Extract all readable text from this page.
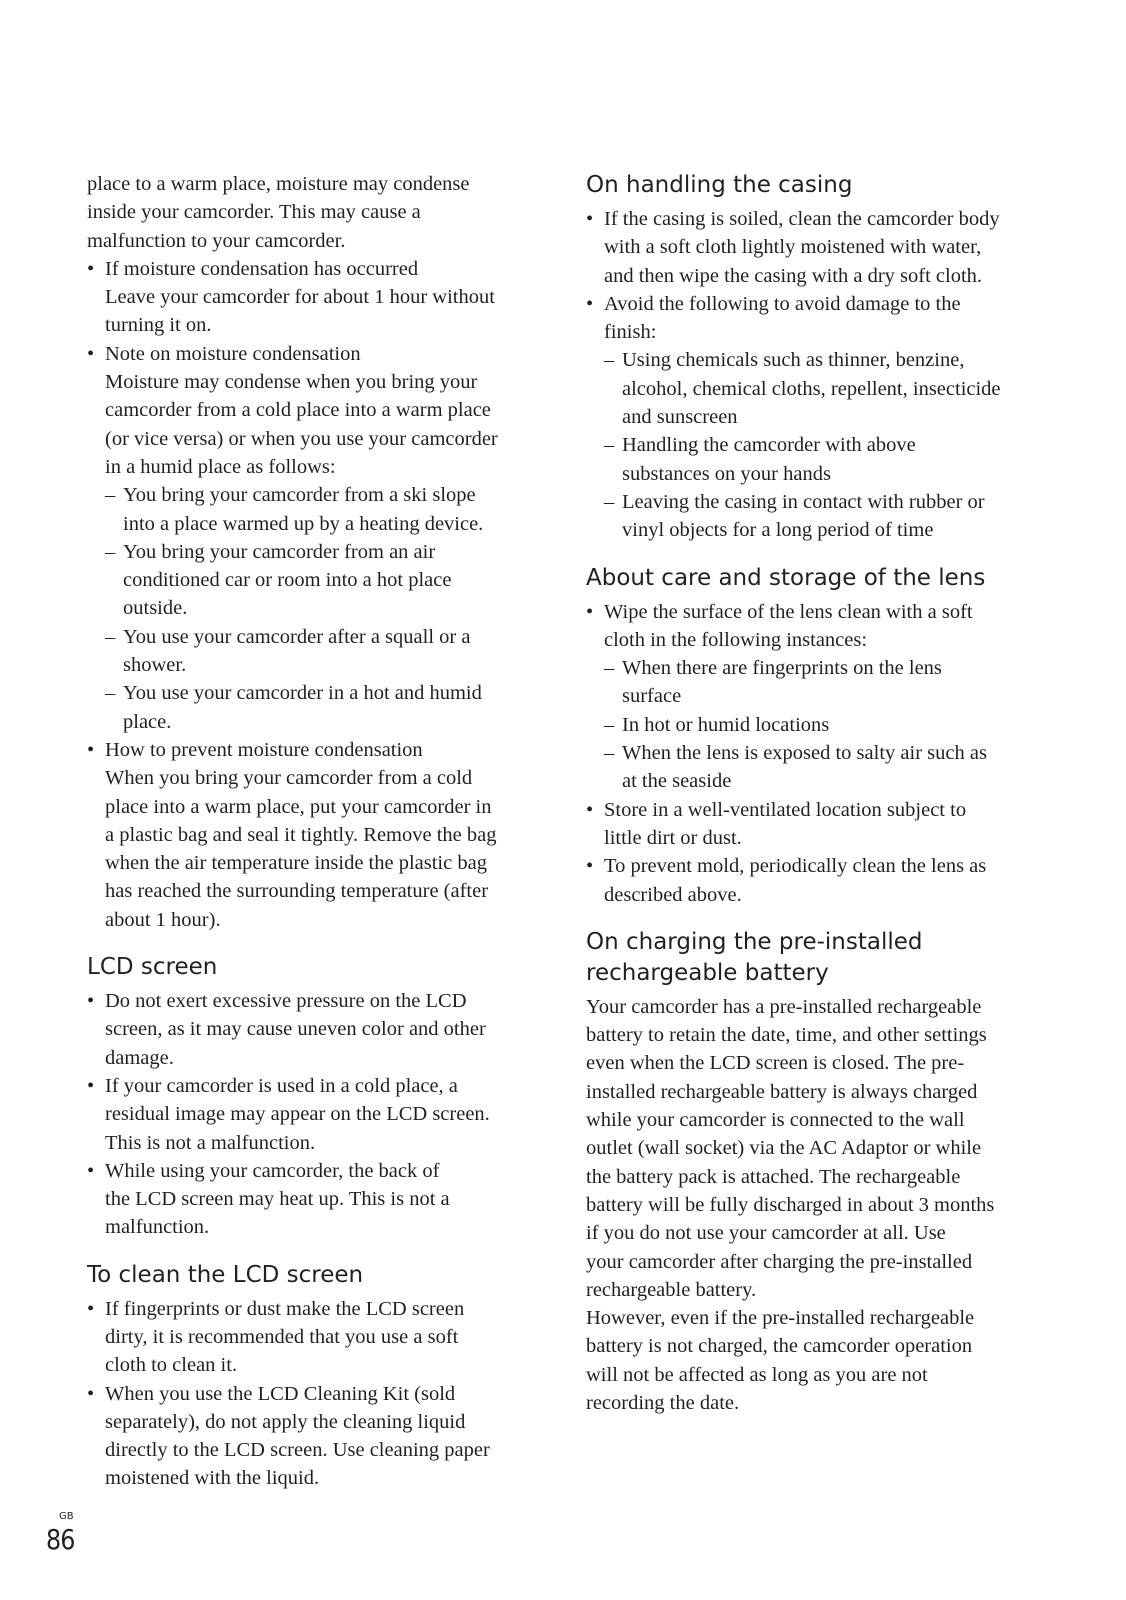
place to a warm place, moisture may condense

inside your camcorder. This may cause a

malfunction to your camcorder.

• If moisture condensation has occurred
Leave your camcorder for about 1 hour without
turning it on.
• Note on moisture condensation
Moisture may condense when you bring your
camcorder from a cold place into a warm place
(or vice versa) or when you use your camcorder
in a humid place as follows:
– You bring your camcorder from a ski slope
into a place warmed up by a heating device.
– You bring your camcorder from an air
conditioned car or room into a hot place
outside.
– You use your camcorder after a squall or a
shower.
– You use your camcorder in a hot and humid
place.
• How to prevent moisture condensation
When you bring your camcorder from a cold
place into a warm place, put your camcorder in
a plastic bag and seal it tightly. Remove the bag
when the air temperature inside the plastic bag
has reached the surrounding temperature (after
about 1 hour).
LCD screen
• Do not exert excessive pressure on the LCD
screen, as it may cause uneven color and other
damage.
• If your camcorder is used in a cold place, a
residual image may appear on the LCD screen.
This is not a malfunction.
• While using your camcorder, the back of
the LCD screen may heat up. This is not a
malfunction.
To clean the LCD screen
• If fingerprints or dust make the LCD screen
dirty, it is recommended that you use a soft
cloth to clean it.
• When you use the LCD Cleaning Kit (sold
separately), do not apply the cleaning liquid
directly to the LCD screen. Use cleaning paper
moistened with the liquid.
On handling the casing
• If the casing is soiled, clean the camcorder body
with a soft cloth lightly moistened with water,
and then wipe the casing with a dry soft cloth.
• Avoid the following to avoid damage to the
finish:
– Using chemicals such as thinner, benzine,
alcohol, chemical cloths, repellent, insecticide
and sunscreen
– Handling the camcorder with above
substances on your hands
– Leaving the casing in contact with rubber or
vinyl objects for a long period of time
About care and storage of the lens
• Wipe the surface of the lens clean with a soft
cloth in the following instances:
– When there are fingerprints on the lens
surface
– In hot or humid locations
– When the lens is exposed to salty air such as
at the seaside
• Store in a well-ventilated location subject to
little dirt or dust.
• To prevent mold, periodically clean the lens as
described above.
On charging the pre-installed
rechargeable battery

Your camcorder has a pre-installed rechargeable

battery to retain the date, time, and other settings

even when the LCD screen is closed. The pre-

installed rechargeable battery is always charged

while your camcorder is connected to the wall

outlet (wall socket) via the AC Adaptor or while

the battery pack is attached. The rechargeable

battery will be fully discharged in about 3 months

if you do not use your camcorder at all. Use

your camcorder after charging the pre-installed

rechargeable battery.

However, even if the pre-installed rechargeable

battery is not charged, the camcorder operation

will not be affected as long as you are not

recording the date.

GB
86
